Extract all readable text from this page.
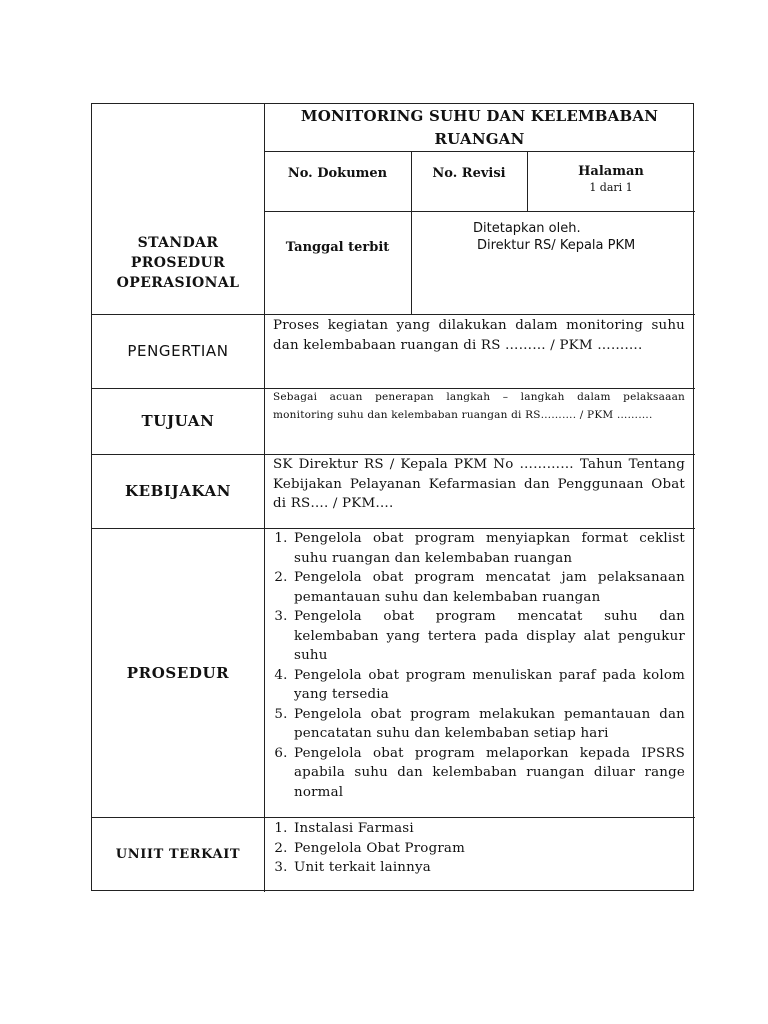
MONITORING SUHU DAN KELEMBABAN RUANGAN
No. Dokumen	No. Revisi	Halaman
1 dari 1
STANDAR PROSEDUR OPERASIONAL
Tanggal terbit
Ditetapkan oleh.
Direktur RS/ Kepala PKM
PENGERTIAN
Proses kegiatan yang dilakukan dalam monitoring suhu dan kelembabaan ruangan di RS ……… / PKM ……….
TUJUAN
Sebagai acuan penerapan langkah – langkah dalam pelaksaaan monitoring suhu dan kelembaban ruangan di RS………. / PKM ……….
KEBIJAKAN
SK Direktur RS / Kepala PKM No ………… Tahun Tentang Kebijakan Pelayanan Kefarmasian dan Penggunaan Obat di RS…. / PKM….
PROSEDUR
1. Pengelola obat program menyiapkan format ceklist suhu ruangan dan kelembaban ruangan
2. Pengelola obat program mencatat jam pelaksanaan pemantauan suhu dan kelembaban ruangan
3. Pengelola obat program mencatat suhu dan kelembaban yang tertera pada display alat pengukur suhu
4. Pengelola obat program menuliskan paraf pada kolom yang tersedia
5. Pengelola obat program melakukan pemantauan dan pencatatan suhu dan kelembaban setiap hari
6. Pengelola obat program melaporkan kepada IPSRS apabila suhu dan kelembaban ruangan diluar range normal
UNIIT TERKAIT
1. Instalasi Farmasi
2. Pengelola Obat Program
3. Unit terkait lainnya
